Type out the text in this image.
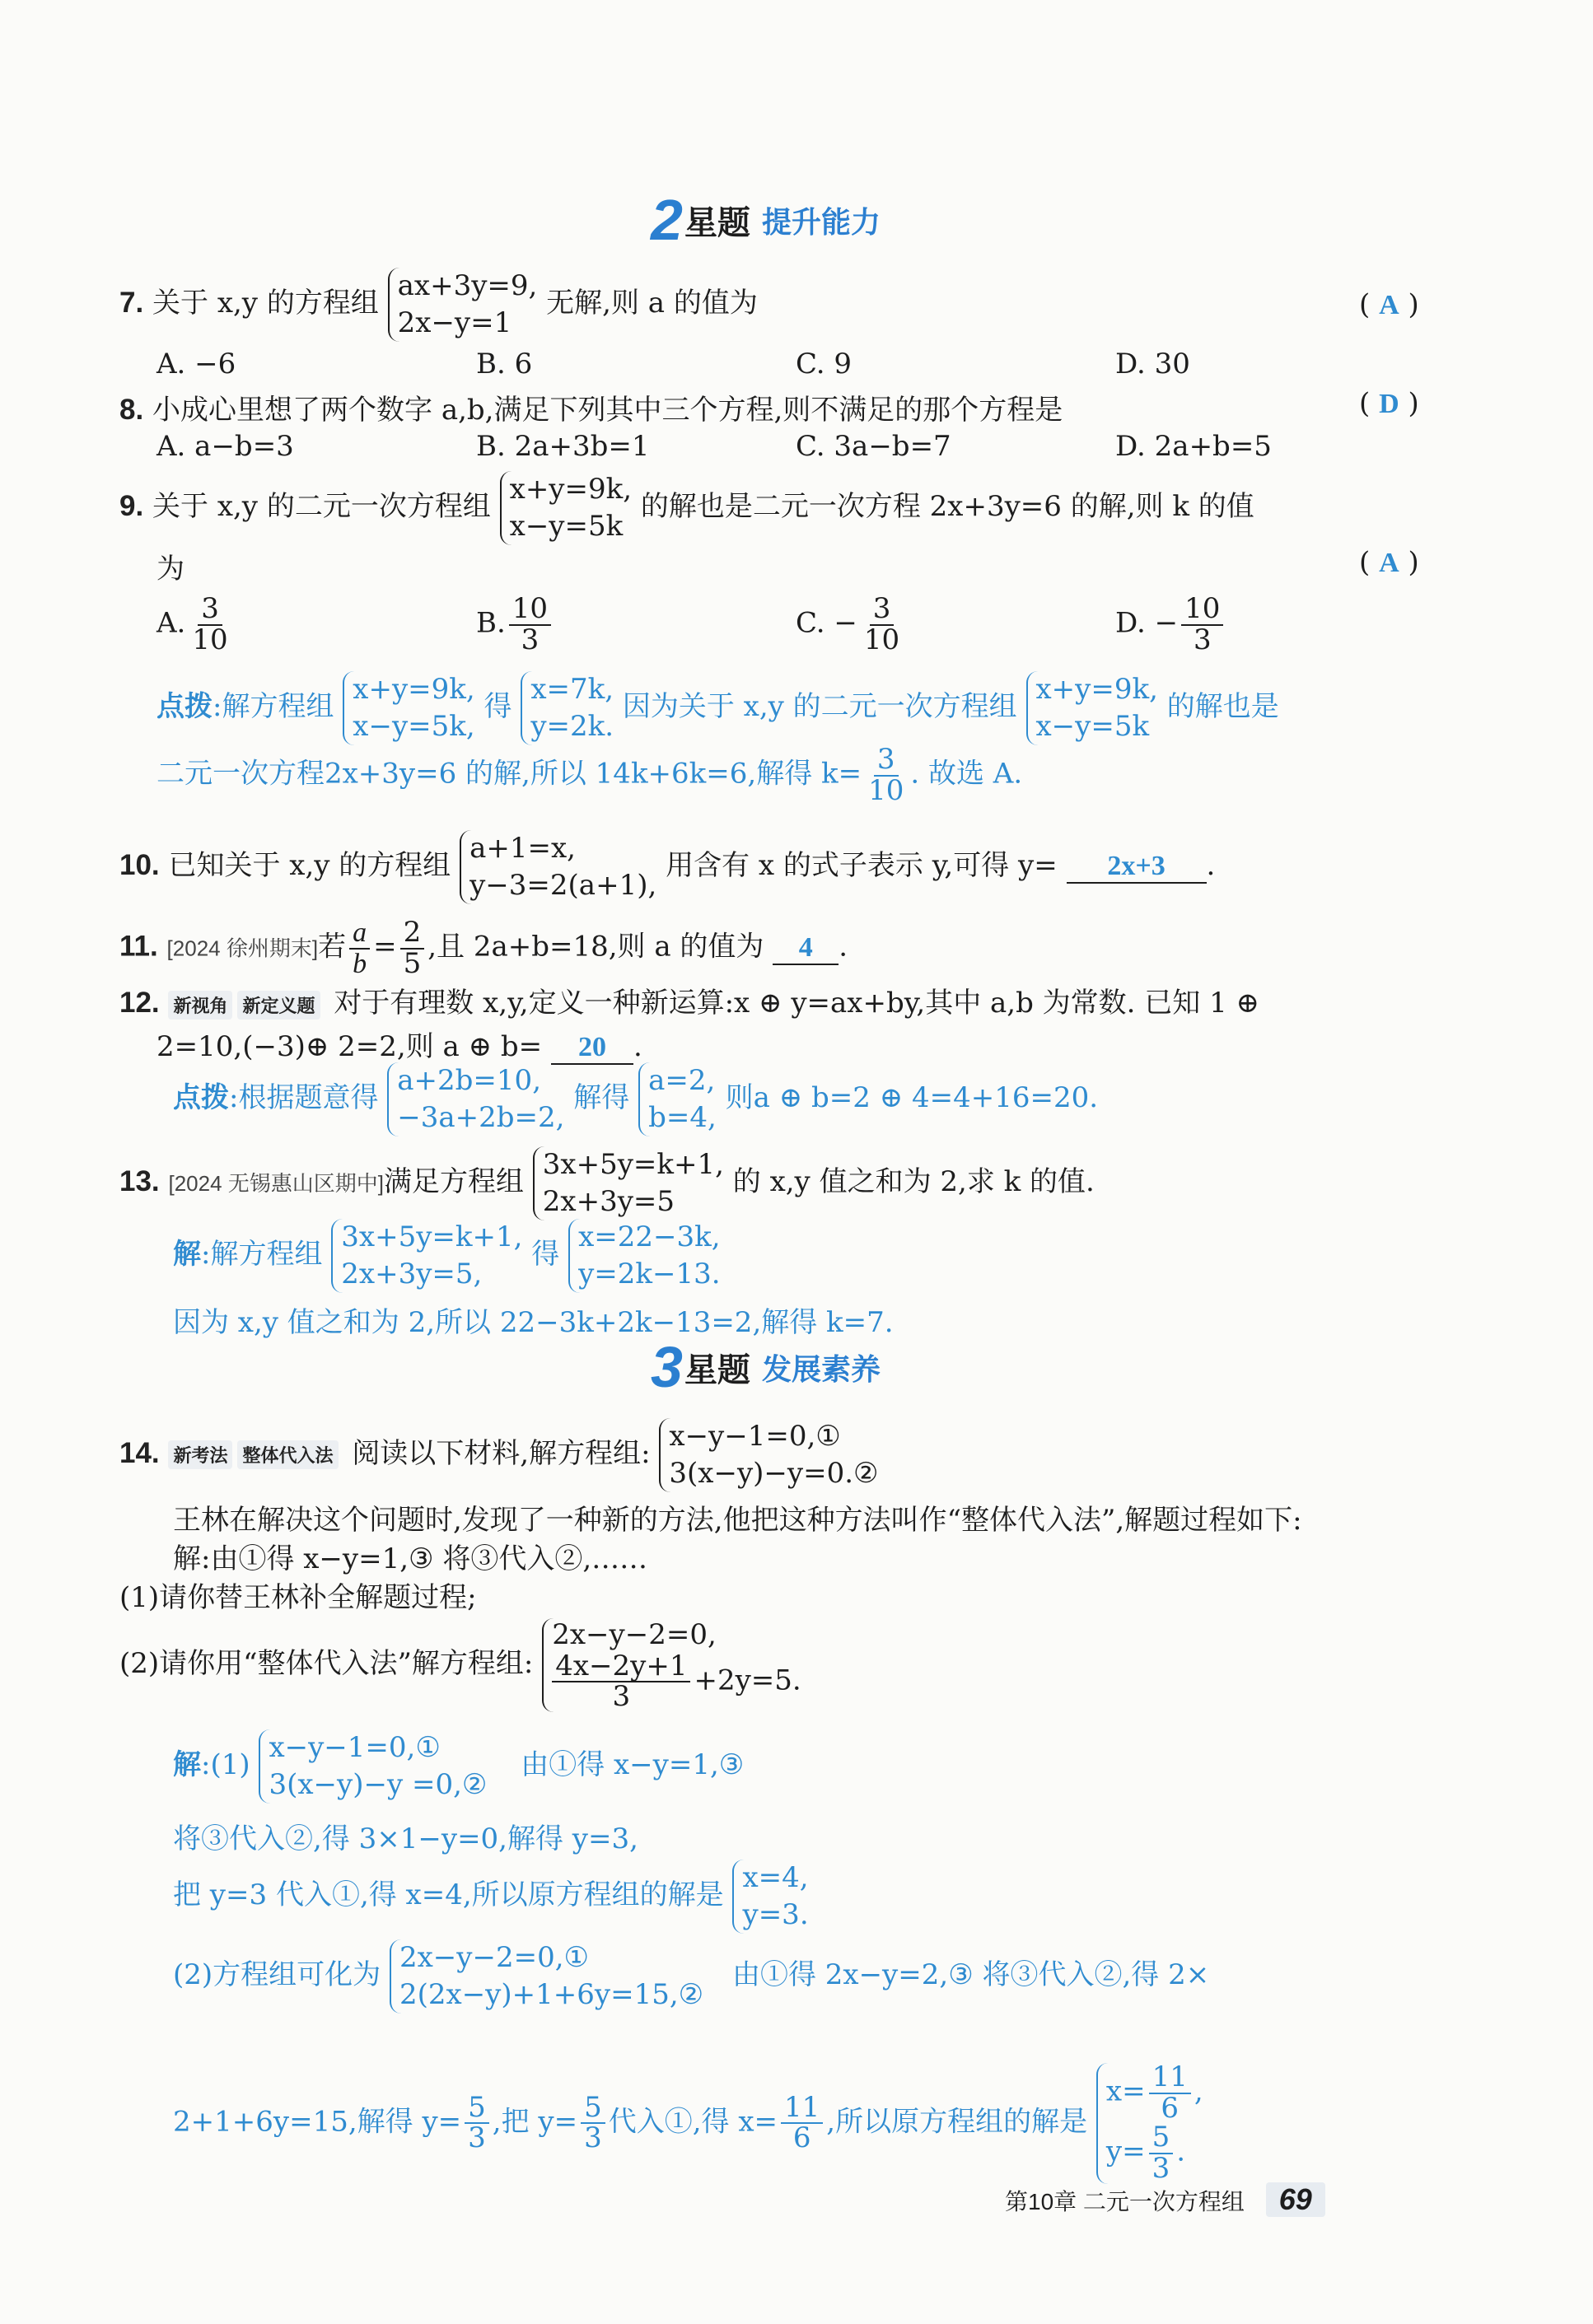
2 星题 提升能力
7. 关于 x,y 的方程组
ax+3y=9,
2x−y=1
无解,则 a 的值为	( A )
A. −6	B. 6	C. 9	D. 30
8. 小成心里想了两个数字 a,b,满足下列其中三个方程,则不满足的那个方程是	( D )
A. a−b=3	B. 2a+3b=1	C. 3a−b=7	D. 2a+b=5
9. 关于 x,y 的二元一次方程组
x+y=9k,
x−y=5k
的解也是二元一次方程 2x+3y=6 的解,则 k 的值
为	( A )
A. $\frac{3}{10}$	B. $\frac{10}{3}$	C. − $\frac{3}{10}$	D. − $\frac{10}{3}$
点拨:解方程组
x+y=9k,
x−y=5k,
得
x=7k,
y=2k.
因为关于 x,y 的二元一次方程组
x+y=9k,
x−y=5k
的解也是
二元一次方程2x+3y=6 的解,所以 14k+6k=6,解得 $k= \frac{3}{10}$ . 故选 A.
10. 已知关于 x,y 的方程组
a+1=x,
y−3=2(a+1),
用含有 x 的式子表示 y,可得 y= 2x+3 .
11. [2024 徐州期末]若 $\frac{a}{b} = \frac{2}{5}$ ,且 2a+b=18,则 a 的值为 4 .
12. 新视角 新定义题 对于有理数 x,y,定义一种新运算:x ⊕ y=ax+by,其中 a,b 为常数. 已知 1 ⊕
2=10,(−3)⊕ 2=2,则 a ⊕ b= 20 .
点拨:根据题意得
a+2b=10,
−3a+2b=2,
解得
a=2,
b=4,
则a ⊕ b=2 ⊕ 4=4+16=20.
13. [2024 无锡惠山区期中]满足方程组
3x+5y=k+1,
2x+3y=5
的 x,y 值之和为 2,求 k 的值.
解:解方程组
3x+5y=k+1,
2x+3y=5,
得
x=22−3k,
y=2k−13.
因为 x,y 值之和为 2,所以 22−3k+2k−13=2,解得 k=7.
3 星题 发展素养
14. 新考法 整体代入法 阅读以下材料,解方程组:
x−y−1=0,①
3(x−y)−y=0.②
王林在解决这个问题时,发现了一种新的方法,他把这种方法叫作“整体代入法”,解题过程如下:
解:由①得 x−y=1,③ 将③代入②,……
(1)请你替王林补全解题过程;
(2)请你用“整体代入法”解方程组:
2x−y−2=0,
$\frac{4x-2y+1}{3} +2y=5$.
解:(1)
x−y−1=0,①
3(x−y)−y =0,②
由①得 x−y=1,③
将③代入②,得 3×1−y=0,解得 y=3,
把 y=3 代入①,得 x=4,所以原方程组的解是
x=4,
y=3.
(2)方程组可化为
2x−y−2=0,①
2(2x−y)+1+6y=15,②
由①得 2x−y=2,③ 将③代入②,得 2×
2+1+6y=15,解得 $y= \frac{5}{3}$ ,把 $y= \frac{5}{3}$ 代入①,得 $x= \frac{11}{6}$ ,所以原方程组的解是
$x= \frac{11}{6}$ ,
$y= \frac{5}{3}$ .
第10章 二元一次方程组 69
